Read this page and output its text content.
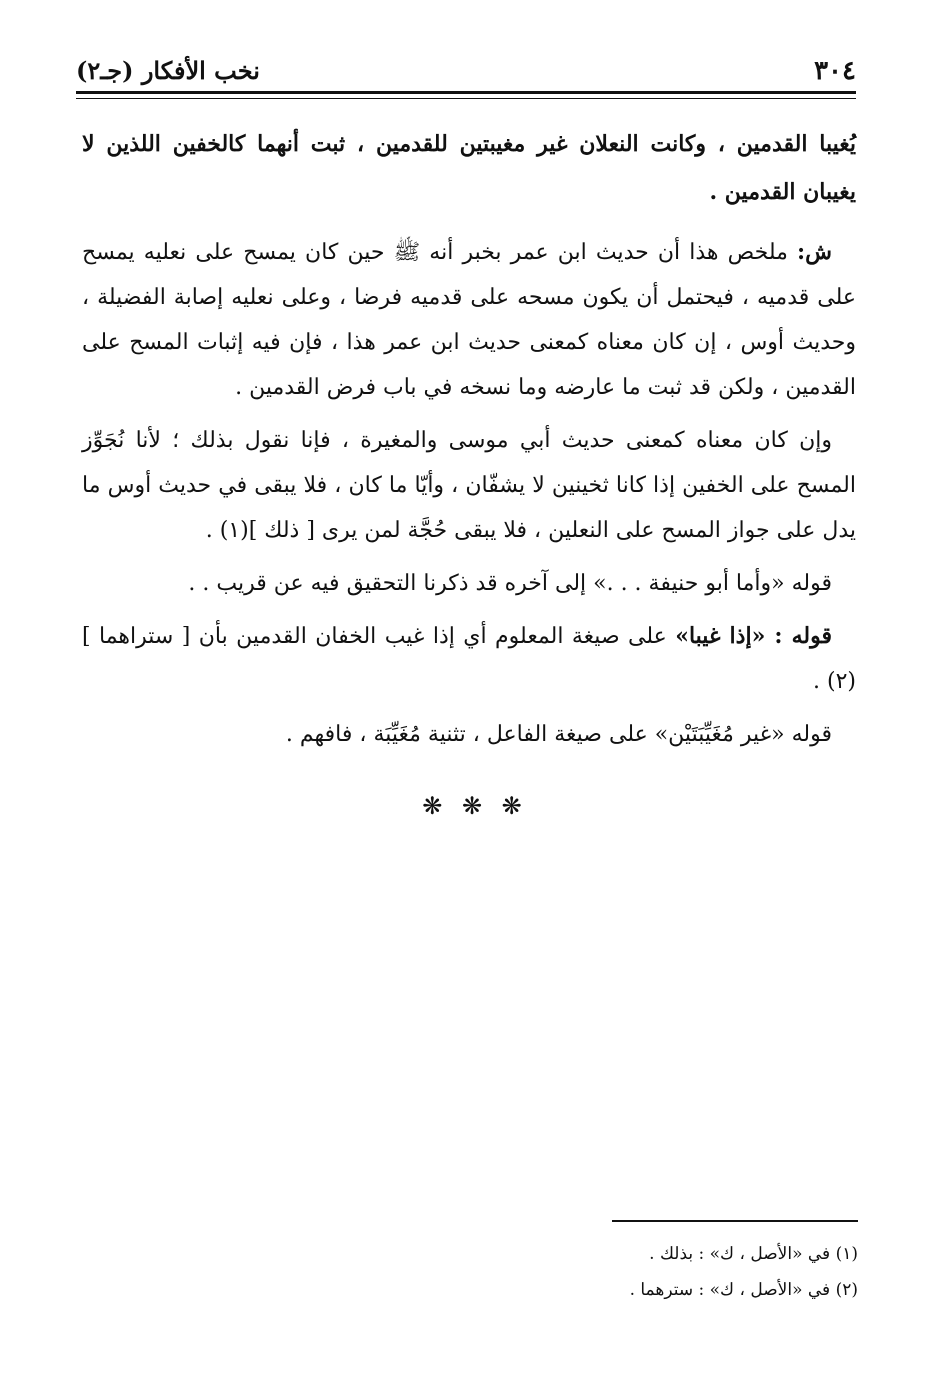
٣٠٤
نخب الأفكار (جـ٢)

يُغيبا القدمين ، وكانت النعلان غير مغيبتين للقدمين ، ثبت أنهما كالخفين اللذين لا يغيبان القدمين .

ش: ملخص هذا أن حديث ابن عمر بخبر أنه ﷺ حين كان يمسح على نعليه يمسح على قدميه ، فيحتمل أن يكون مسحه على قدميه فرضا ، وعلى نعليه إصابة الفضيلة ، وحديث أوس ، إن كان معناه كمعنى حديث ابن عمر هذا ، فإن فيه إثبات المسح على القدمين ، ولكن قد ثبت ما عارضه وما نسخه في باب فرض القدمين .

وإن كان معناه كمعنى حديث أبي موسى والمغيرة ، فإنا نقول بذلك ؛ لأنا نُجَوِّز المسح على الخفين إذا كانا ثخينين لا يشفّان ، وأيّا ما كان ، فلا يبقى في حديث أوس ما يدل على جواز المسح على النعلين ، فلا يبقى حُجَّة لمن يرى [ ذلك ](١) .

قوله «وأما أبو حنيفة . . .» إلى آخره قد ذكرنا التحقيق فيه عن قريب . .

قوله : «إذا غيبا» على صيغة المعلوم أي إذا غيب الخفان القدمين بأن [ ستراهما ](٢) .

قوله «غير مُغَيِّبَتَيْن» على صيغة الفاعل ، تثنية مُغَيِّبَة ، فافهم .

❋ ❋ ❋

(١) في «الأصل ، ك» : بذلك .

(٢) في «الأصل ، ك» : سترهما .
